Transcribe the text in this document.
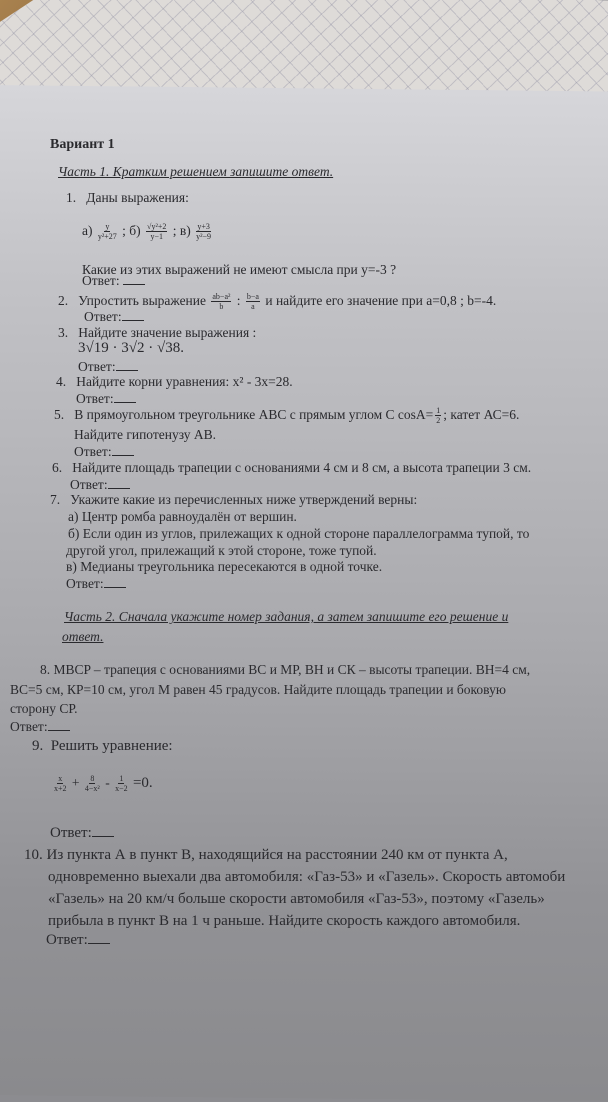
Вариант 1
Часть 1. Кратким решением запишите ответ.
1. Даны выражения:
$а) \frac{y}{\text{y²+27}}$ ; $б) \frac{\text{√y²+2}}{y-1}$ ; $в) \frac{y+3}{\text{y²−9}}$
Какие из этих выражений не имеют смысла при y=-3 ?
Ответ:
2. Упростить выражение $\frac{\text{ab−a²}}{b}$ : $\frac{b-a}{a}$ и найдите его значение при a=0,8 ; b=-4.
Ответ:
3. Найдите значение выражения :
3√19 · 3√2 · √38.
Ответ:
4. Найдите корни уравнения: x² - 3x=28.
Ответ:
5. В прямоугольном треугольнике АВС с прямым углом С $\cos A= \frac{1}{2}$ ; катет АС=6.
Найдите гипотенузу АВ.
Ответ:
6. Найдите площадь трапеции с основаниями 4 см и 8 см, а высота трапеции 3 см.
Ответ:
7. Укажите какие из перечисленных ниже утверждений верны:
а) Центр ромба равноудалён от вершин.
б) Если один из углов, прилежащих к одной стороне параллелограмма тупой, то
другой угол, прилежащий к этой стороне, тоже тупой.
в) Медианы треугольника пересекаются в одной точке.
Ответ:
Часть 2. Сначала укажите номер задания, а затем запишите его решение и
ответ.
8. MBCP – трапеция с основаниями ВС и МР, ВН и СК – высоты трапеции. ВН=4 см,
ВС=5 см, КР=10 см, угол М равен 45 градусов. Найдите площадь трапеции и боковую
сторону СР.
Ответ:
9. Решить уравнение:
$\frac{x}{x+2} + \frac{8}{\text{4−x²}} - \frac{1}{x-2} =0$.
Ответ:
10. Из пункта А в пункт В, находящийся на расстоянии 240 км от пункта А,
одновременно выехали два автомобиля: «Газ-53» и «Газель». Скорость автомоби
«Газель» на 20 км/ч больше скорости автомобиля «Газ-53», поэтому «Газель»
прибыла в пункт В на 1 ч раньше. Найдите скорость каждого автомобиля.
Ответ:
